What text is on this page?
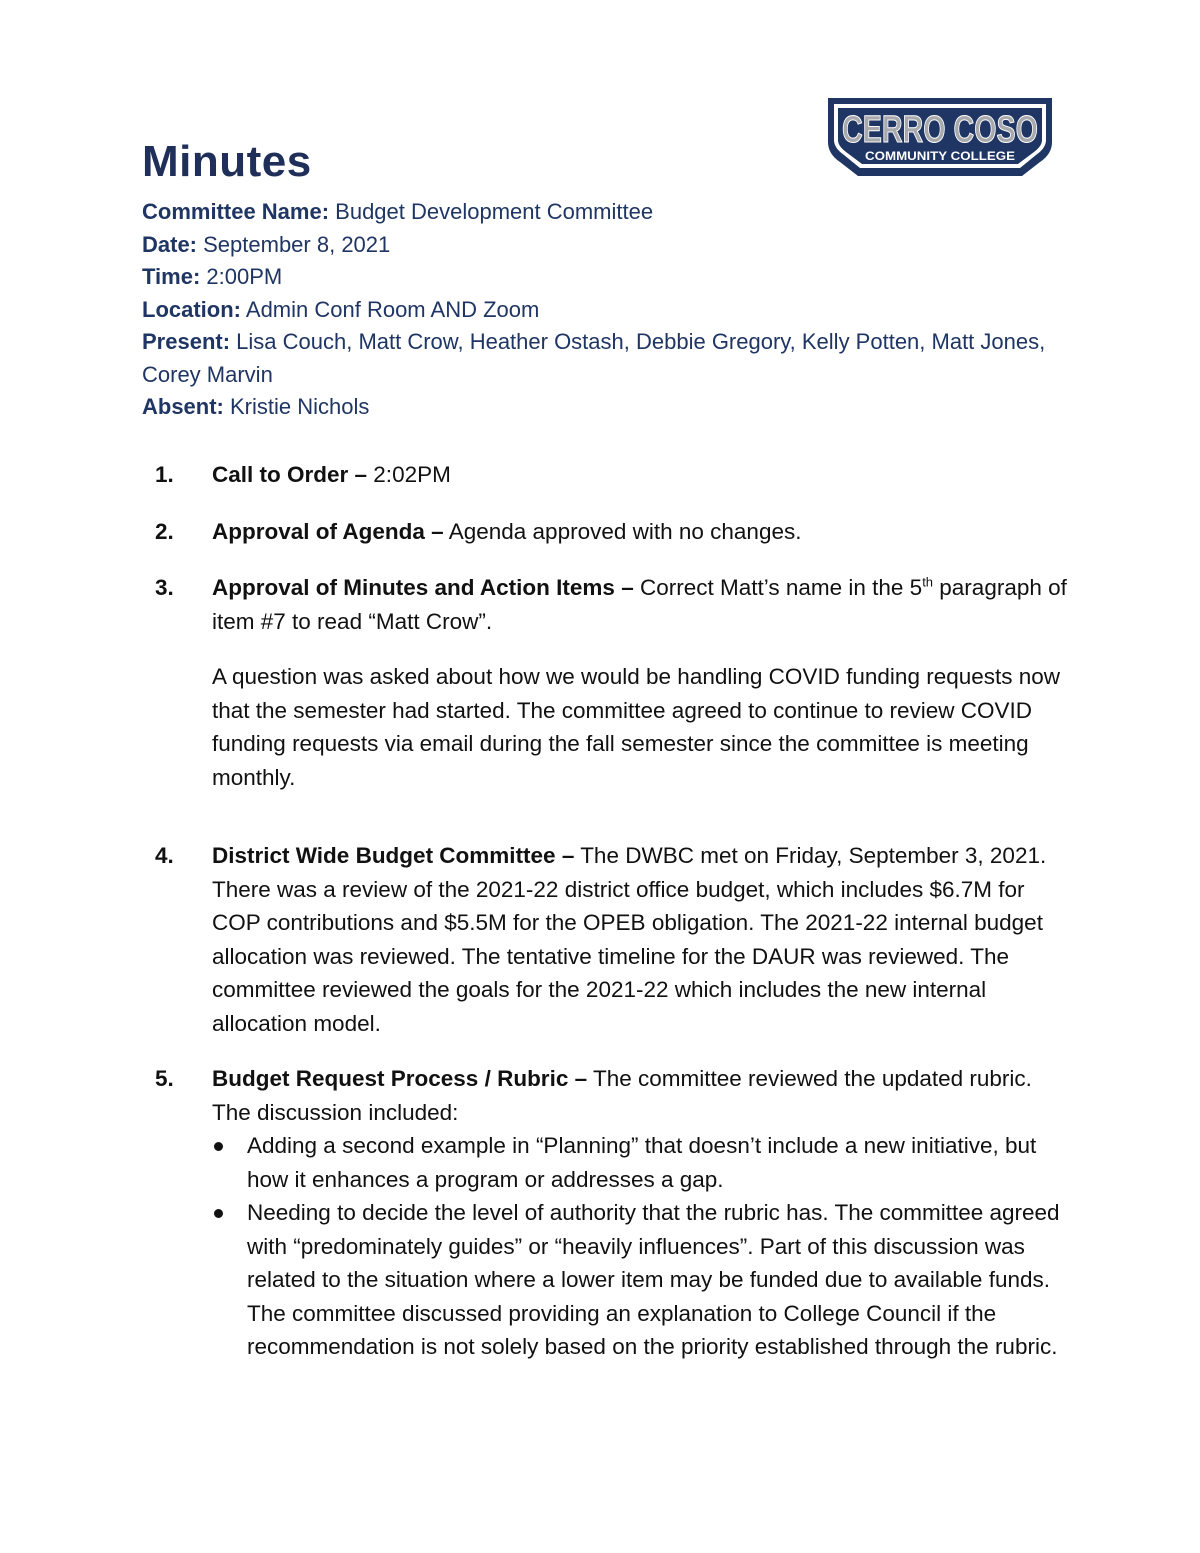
CERRO COSO
COMMUNITY COLLEGE
Minutes
Committee Name: Budget Development Committee
Date: September 8, 2021
Time: 2:00PM
Location: Admin Conf Room AND Zoom
Present: Lisa Couch, Matt Crow, Heather Ostash, Debbie Gregory, Kelly Potten, Matt Jones, Corey Marvin
Absent: Kristie Nichols
1. Call to Order – 2:02PM

2. Approval of Agenda – Agenda approved with no changes.

3. Approval of Minutes and Action Items – Correct Matt’s name in the 5th paragraph of item #7 to read “Matt Crow”.

A question was asked about how we would be handling COVID funding requests now that the semester had started. The committee agreed to continue to review COVID funding requests via email during the fall semester since the committee is meeting monthly.

4. District Wide Budget Committee – The DWBC met on Friday, September 3, 2021. There was a review of the 2021-22 district office budget, which includes $6.7M for COP contributions and $5.5M for the OPEB obligation. The 2021-22 internal budget allocation was reviewed. The tentative timeline for the DAUR was reviewed. The committee reviewed the goals for the 2021-22 which includes the new internal allocation model.

5. Budget Request Process / Rubric – The committee reviewed the updated rubric. The discussion included:

Adding a second example in “Planning” that doesn’t include a new initiative, but how it enhances a program or addresses a gap.
Needing to decide the level of authority that the rubric has. The committee agreed with “predominately guides” or “heavily influences”. Part of this discussion was related to the situation where a lower item may be funded due to available funds. The committee discussed providing an explanation to College Council if the recommendation is not solely based on the priority established through the rubric.
